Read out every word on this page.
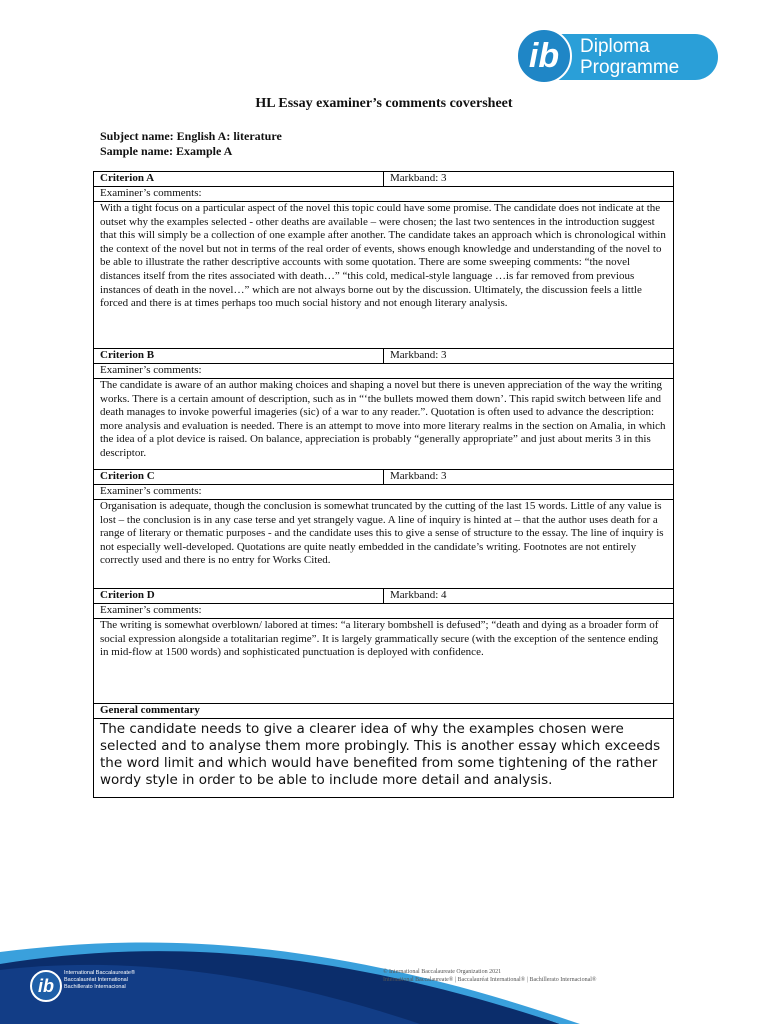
ib	Diploma
Programme
HL Essay examiner’s comments coversheet
Subject name: English A: literature
Sample name: Example A
Criterion A	Markband: 3
Examiner’s comments:	
With a tight focus on a particular aspect of the novel this topic could have some promise. The candidate does not indicate at the outset why the examples selected - other deaths are available – were chosen; the last two sentences in the introduction suggest that this will simply be a collection of one example after another. The candidate takes an approach which is chronological within the context of the novel but not in terms of the real order of events, shows enough knowledge and understanding of the novel to be able to illustrate the rather descriptive accounts with some quotation. There are some sweeping comments: “the novel distances itself from the rites associated with death…” “this cold, medical-style language …is far removed from previous instances of death in the novel…” which are not always borne out by the discussion. Ultimately, the discussion feels a little forced and there is at times perhaps too much social history and not enough literary analysis.	
Criterion B	Markband: 3
Examiner’s comments:	
The candidate is aware of an author making choices and shaping a novel but there is uneven appreciation of the way the writing works. There is a certain amount of description, such as in “‘the bullets mowed them down’. This rapid switch between life and death manages to invoke powerful imageries (sic) of a war to any reader.”. Quotation is often used to advance the description: more analysis and evaluation is needed. There is an attempt to move into more literary realms in the section on Amalia, in which the idea of a plot device is raised. On balance, appreciation is probably “generally appropriate” and just about merits 3 in this descriptor.	
Criterion C	Markband: 3
Examiner’s comments:	
Organisation is adequate, though the conclusion is somewhat truncated by the cutting of the last 15 words. Little of any value is lost – the conclusion is in any case terse and yet strangely vague. A line of inquiry is hinted at – that the author uses death for a range of literary or thematic purposes - and the candidate uses this to give a sense of structure to the essay. The line of inquiry is not especially well-developed. Quotations are quite neatly embedded in the candidate’s writing. Footnotes are not entirely correctly used and there is no entry for Works Cited.	
Criterion D	Markband: 4
Examiner’s comments:	
The writing is somewhat overblown/ labored at times: “a literary bombshell is defused”; “death and dying as a broader form of social expression alongside a totalitarian regime”. It is largely grammatically secure (with the exception of the sentence ending in mid-flow at 1500 words) and sophisticated punctuation is deployed with confidence.	
General commentary	
The candidate needs to give a clearer idea of why the examples chosen were selected and to analyse them more probingly. This is another essay which exceeds the word limit and which would have benefited from some tightening of the rather wordy style in order to be able to include more detail and analysis.	
ib
International Baccalaureate®
Baccalauréat International
Bachillerato Internacional
© International Baccalaureate Organization 2021
International Baccalaureate® | Baccalauréat International® | Bachillerato Internacional®
